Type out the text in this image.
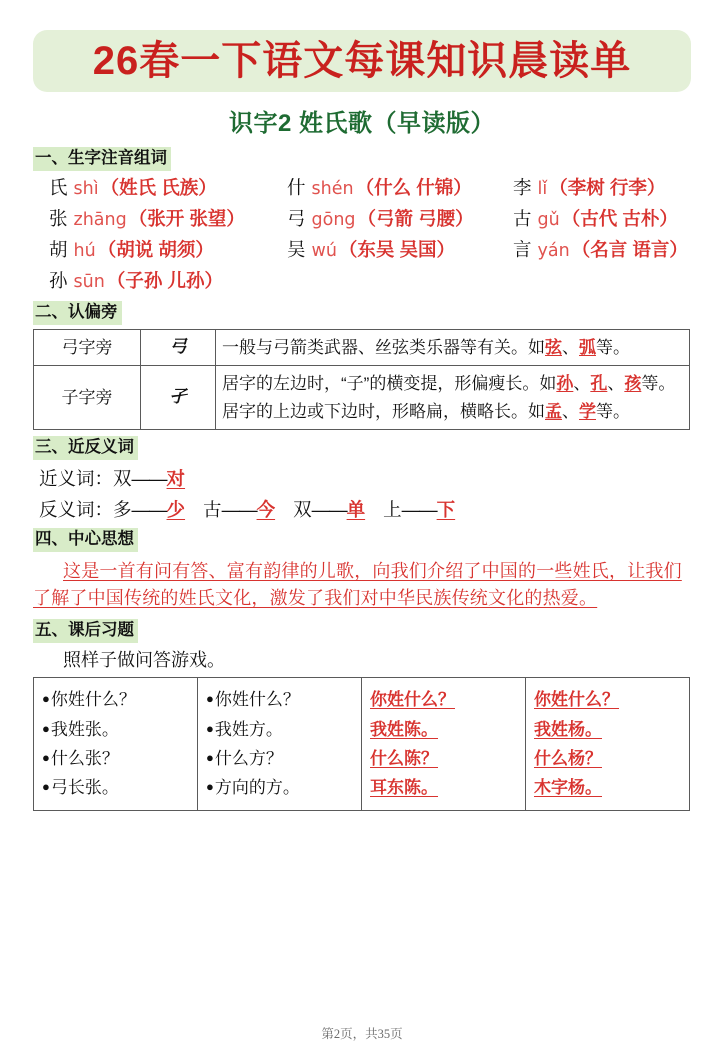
26春一下语文每课知识晨读单
识字2 姓氏歌（早读版）
一、生字注音组词
氏 shì （姓氏 氏族）	什 shén （什么 什锦） 李 lǐ （李树 行李）
张 zhāng （张开 张望） 弓 gōng （弓箭 弓腰） 古 gǔ （古代 古朴）
胡 hú （胡说 胡须）	吴 wú （东吴 吴国）	言 yán （名言 语言）
孙 sūn （子孙 儿孙）
二、认偏旁
弓字旁	弓	一般与弓箭类武器、丝弦类乐器等有关。如弦、弧等。

子字旁	孑	居字的左边时，“子”的横变提，形偏瘦长。如孙、孔、孩等。

居字的上边或下边时，形略扁，横略长。如孟、学等。

三、近反义词
近义词：双——对
反义词：多——少 古——今 双——单 上——下
四、中心思想
这是一首有问有答、富有韵律的儿歌，向我们介绍了中国的一些姓氏，让我们了解了中国传统的姓氏文化，激发了我们对中华民族传统文化的热爱。
五、课后习题
照样子做问答游戏。
●你姓什么？
●我姓张。
●什么张？
●弓长张。

●你姓什么？
●我姓方。
●什么方？
●方向的方。

你姓什么？
我姓陈。
什么陈？
耳东陈。

你姓什么？
我姓杨。
什么杨？
木字杨。
第2页，共35页
